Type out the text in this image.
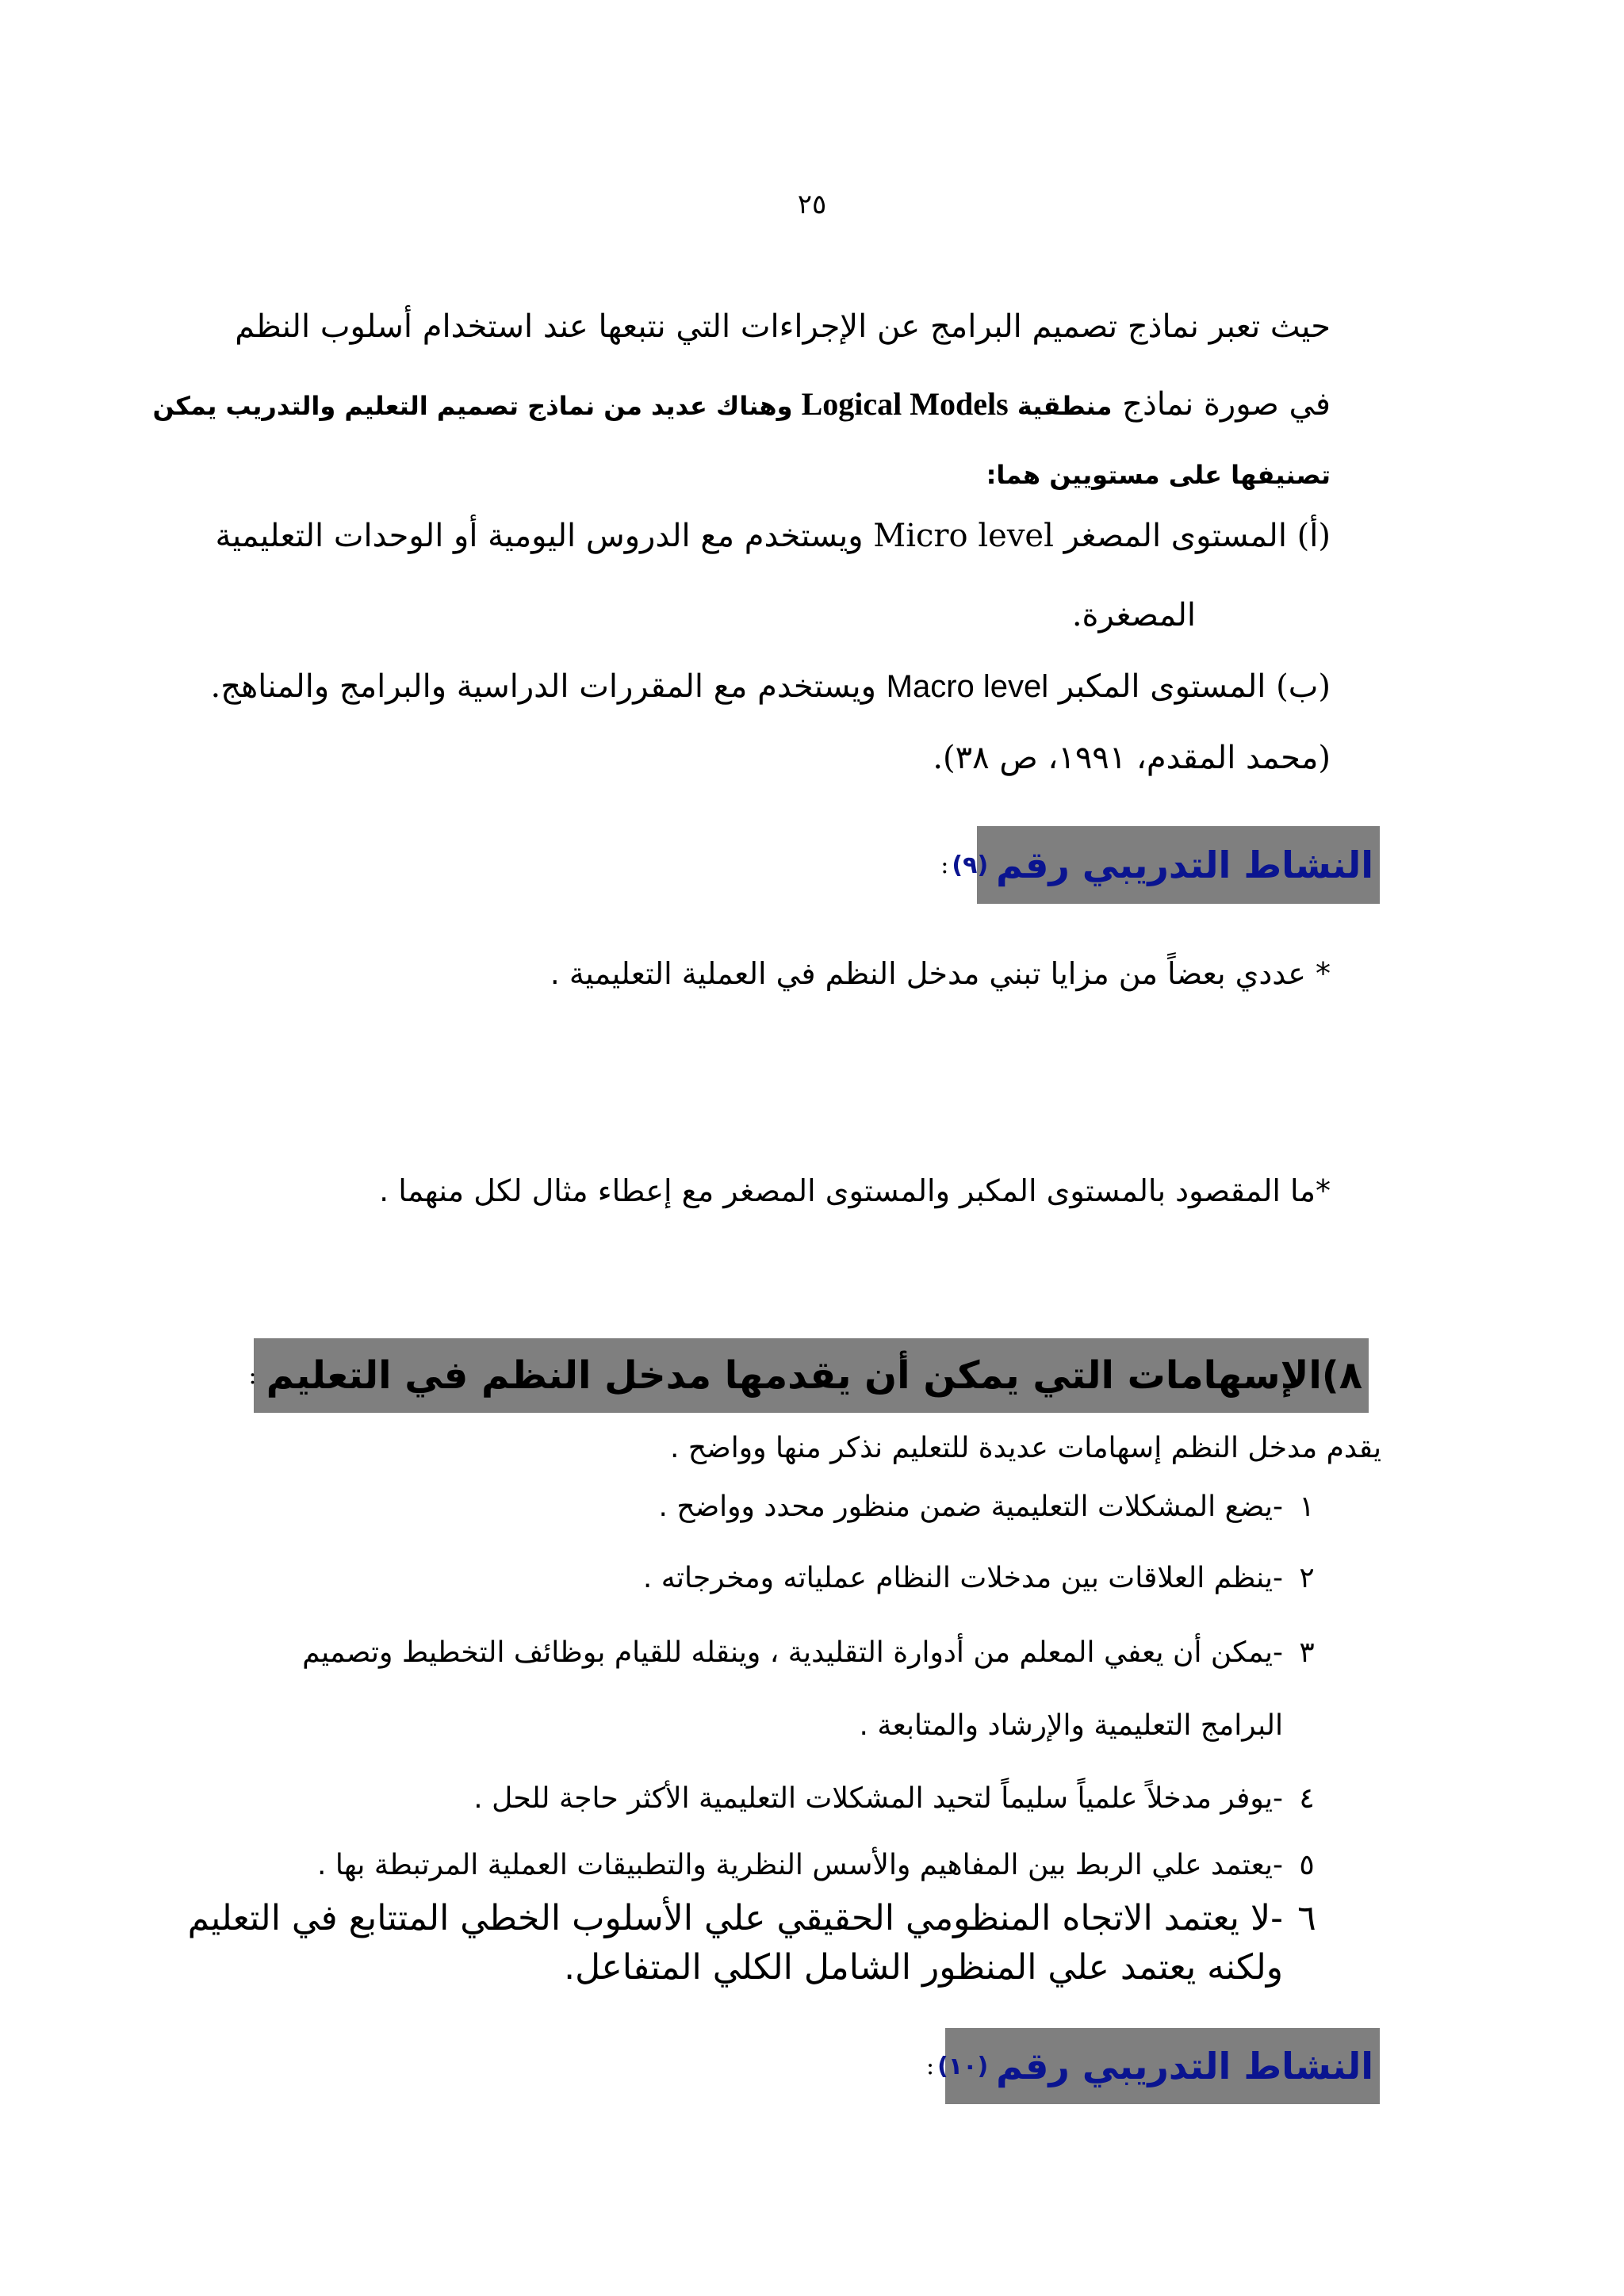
٢٥
حيث تعبر نماذج تصميم البرامج عن الإجراءات التي نتبعها عند استخدام أسلوب النظم
في صورة نماذج منطقية Logical Models وهناك عديد من نماذج تصميم التعليم والتدريب يمكن
تصنيفها على مستويين هما:
(أ) المستوى المصغر Micro level ويستخدم مع الدروس اليومية أو الوحدات التعليمية
المصغرة.
(ب) المستوى المكبر Macro level ويستخدم مع المقررات الدراسية والبرامج والمناهج.
(محمد المقدم، ١٩٩١، ص ٣٨).
النشاط التدريبي رقم
(٩)
:
* عددي بعضاً من مزايا تبني مدخل النظم في العملية التعليمية .
*ما المقصود بالمستوى المكبر والمستوى المصغر مع إعطاء مثال لكل منهما .
٨)
الإسهامات التي يمكن أن يقدمها مدخل النظم في التعليم
:
يقدم مدخل النظم إسهامات عديدة للتعليم نذكر منها وواضح .
١-يضع المشكلات التعليمية ضمن منظور محدد وواضح .
٢-ينظم العلاقات بين مدخلات النظام عملياته ومخرجاته .
٣-يمكن أن يعفي المعلم من أدوارة التقليدية ، وينقله للقيام بوظائف التخطيط وتصميم
البرامج التعليمية والإرشاد والمتابعة .
٤-يوفر مدخلاً علمياً سليماً لتحيد المشكلات التعليمية الأكثر حاجة للحل .
٥-يعتمد علي الربط بين المفاهيم والأسس النظرية والتطبيقات العملية المرتبطة بها .
٦-لا يعتمد الاتجاه المنظومي الحقيقي علي الأسلوب الخطي المتتابع في التعليم
ولكنه يعتمد علي المنظور الشامل الكلي المتفاعل.
النشاط التدريبي رقم
(١٠)
:
